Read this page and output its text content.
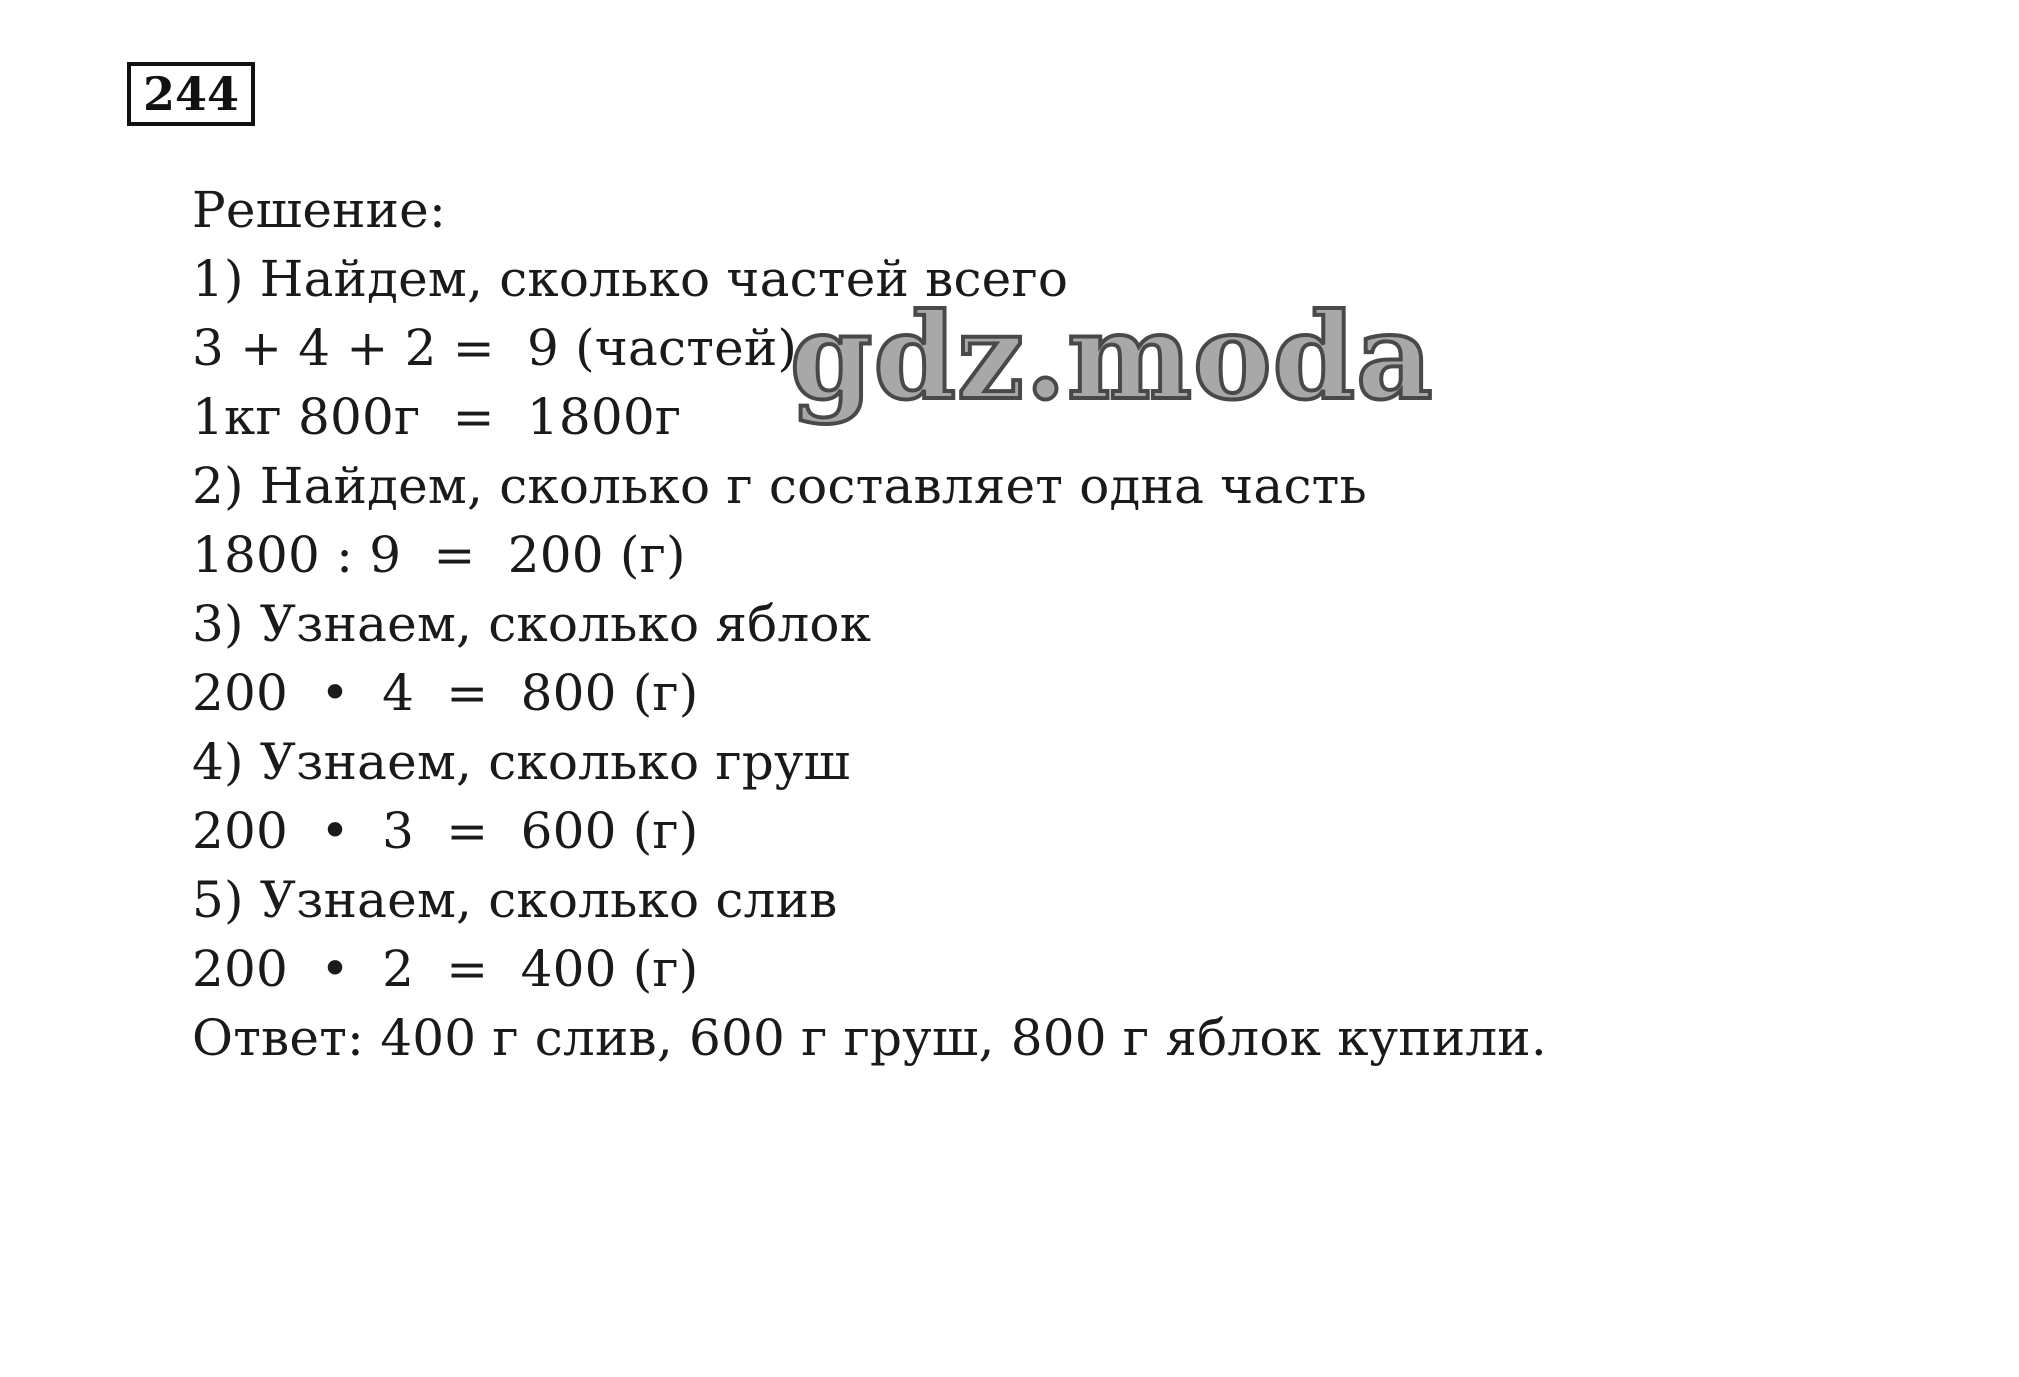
244
Решение:
1) Найдем, сколько частей всего
3 + 4 + 2 =  9 (частей)
1кг 800г  =  1800г
2) Найдем, сколько г составляет одна часть
1800 : 9  =  200 (г)
3) Узнаем, сколько яблок
200  •  4  =  800 (г)
4) Узнаем, сколько груш
200  •  3  =  600 (г)
5) Узнаем, сколько слив
200  •  2  =  400 (г)
Ответ: 400 г слив, 600 г груш, 800 г яблок купили.
gdz.moda
